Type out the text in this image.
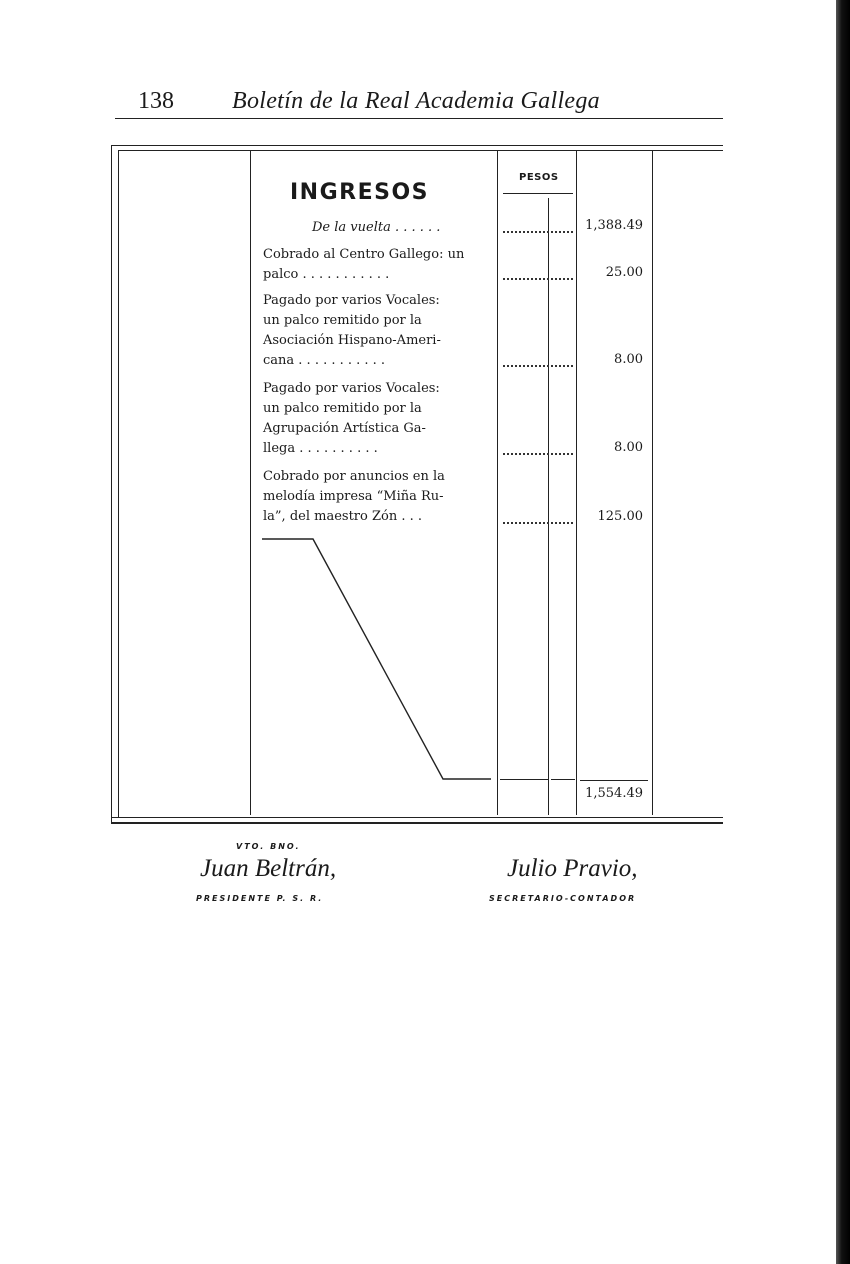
138 Boletín de la Real Academia Gallega
INGRESOS
PESOS
De la vuelta . . . . . .	1,388.49
Cobrado al Centro Gallego: un
palco . . . . . . . . . . .	25.00
Pagado por varios Vocales:
un palco remitido por la
Asociación Hispano-Ameri-
cana . . . . . . . . . . .	8.00
Pagado por varios Vocales:
un palco remitido por la
Agrupación Artística Ga-
llega . . . . . . . . . .	8.00
Cobrado por anuncios en la
melodía impresa “Miña Ru-
la”, del maestro Zón . . .	125.00
1,554.49
VTO. BNO.
Juan Beltrán,
PRESIDENTE P. S. R.
Julio Pravio,
SECRETARIO-CONTADOR
